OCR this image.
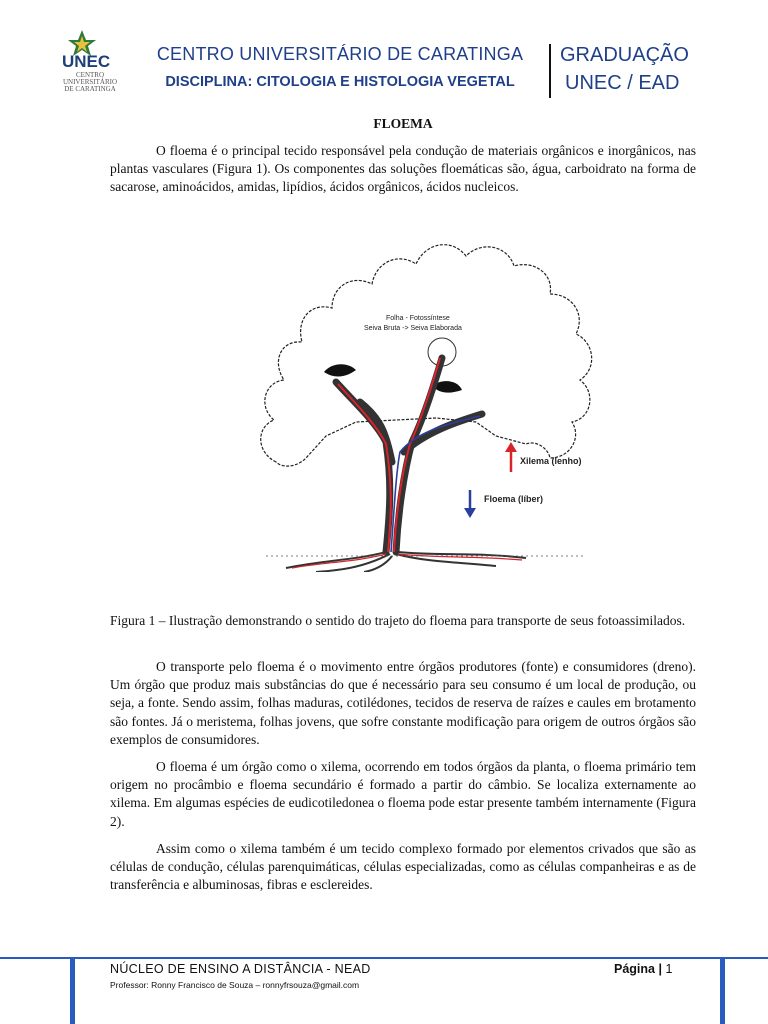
UNEC
CENTRO UNIVERSITÁRIO DE CARATINGA
CENTRO UNIVERSITÁRIO DE CARATINGA
DISCIPLINA: CITOLOGIA E HISTOLOGIA VEGETAL
GRADUAÇÃO
UNEC / EAD
FLOEMA

O floema é o principal tecido responsável pela condução de materiais orgânicos e inorgânicos, nas plantas vasculares (Figura 1). Os componentes das soluções floemáticas são, água, carboidrato na forma de sacarose, aminoácidos, amidas, lipídios, ácidos orgânicos, ácidos nucleicos.

Folha - Fotossíntese
Seiva Bruta -> Seiva Elaborada
Xilema (lenho)
Floema (líber)

Figura 1 – Ilustração demonstrando o sentido do trajeto do floema para transporte de seus fotoassimilados.

O transporte pelo floema é o movimento entre órgãos produtores (fonte) e consumidores (dreno). Um órgão que produz mais substâncias do que é necessário para seu consumo é um local de produção, ou seja, a fonte. Sendo assim, folhas maduras, cotilédones, tecidos de reserva de raízes e caules em brotamento são fontes. Já o meristema, folhas jovens, que sofre constante modificação para origem de outros órgãos são exemplos de consumidores.

O floema é um órgão como o xilema, ocorrendo em todos órgãos da planta, o floema primário tem origem no procâmbio e floema secundário é formado a partir do câmbio. Se localiza externamente ao xilema. Em algumas espécies de eudicotiledonea o floema pode estar presente também internamente (Figura 2).

Assim como o xilema também é um tecido complexo formado por elementos crivados que são as células de condução, células parenquimáticas, células especializadas, como as células companheiras e as de transferência e albuminosas, fibras e esclereides.

NÚCLEO DE ENSINO A DISTÂNCIA - NEAD
Professor: Ronny Francisco de Souza – ronnyfrsouza@gmail.com
Página | 1
